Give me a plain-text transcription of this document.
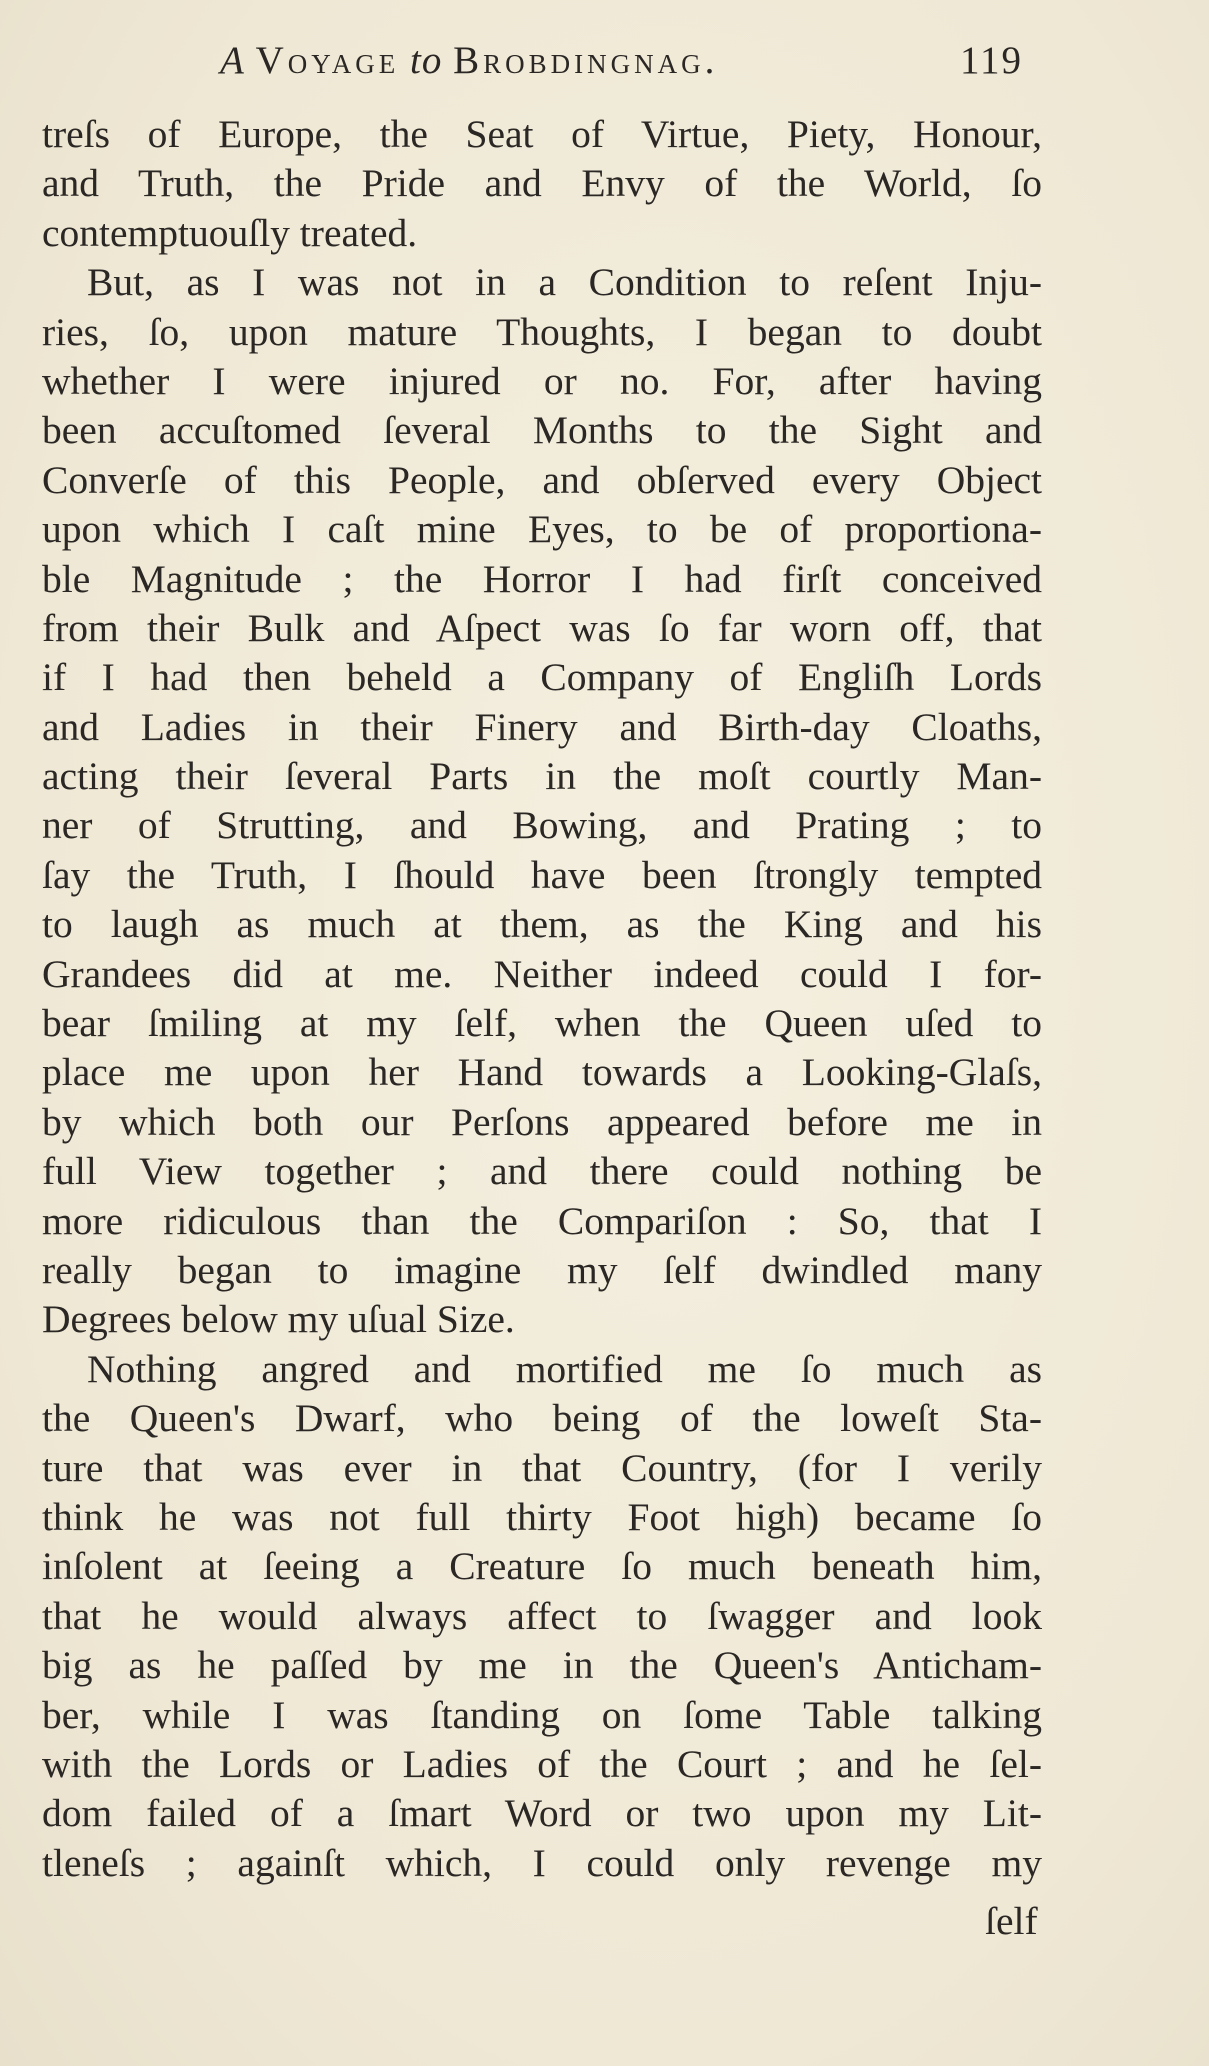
A Voyage to Brobdingnag.	119
treſs of Europe, the Seat of Virtue, Piety, Honour,
and Truth, the Pride and Envy of the World, ſo
contemptuouſly treated.
But, as I was not in a Condition to reſent Inju-
ries, ſo, upon mature Thoughts, I began to doubt
whether I were injured or no. For, after having
been accuſtomed ſeveral Months to the Sight and
Converſe of this People, and obſerved every Object
upon which I caſt mine Eyes, to be of proportiona-
ble Magnitude ; the Horror I had firſt conceived
from their Bulk and Aſpect was ſo far worn off, that
if I had then beheld a Company of Engliſh Lords
and Ladies in their Finery and Birth-day Cloaths,
acting their ſeveral Parts in the moſt courtly Man-
ner of Strutting, and Bowing, and Prating ; to
ſay the Truth, I ſhould have been ſtrongly tempted
to laugh as much at them, as the King and his
Grandees did at me. Neither indeed could I for-
bear ſmiling at my ſelf, when the Queen uſed to
place me upon her Hand towards a Looking-Glaſs,
by which both our Perſons appeared before me in
full View together ; and there could nothing be
more ridiculous than the Compariſon : So, that I
really began to imagine my ſelf dwindled many
Degrees below my uſual Size.
Nothing angred and mortified me ſo much as
the Queen's Dwarf, who being of the loweſt Sta-
ture that was ever in that Country, (for I verily
think he was not full thirty Foot high) became ſo
inſolent at ſeeing a Creature ſo much beneath him,
that he would always affect to ſwagger and look
big as he paſſed by me in the Queen's Anticham-
ber, while I was ſtanding on ſome Table talking
with the Lords or Ladies of the Court ; and he ſel-
dom failed of a ſmart Word or two upon my Lit-
tleneſs ; againſt which, I could only revenge my
ſelf
